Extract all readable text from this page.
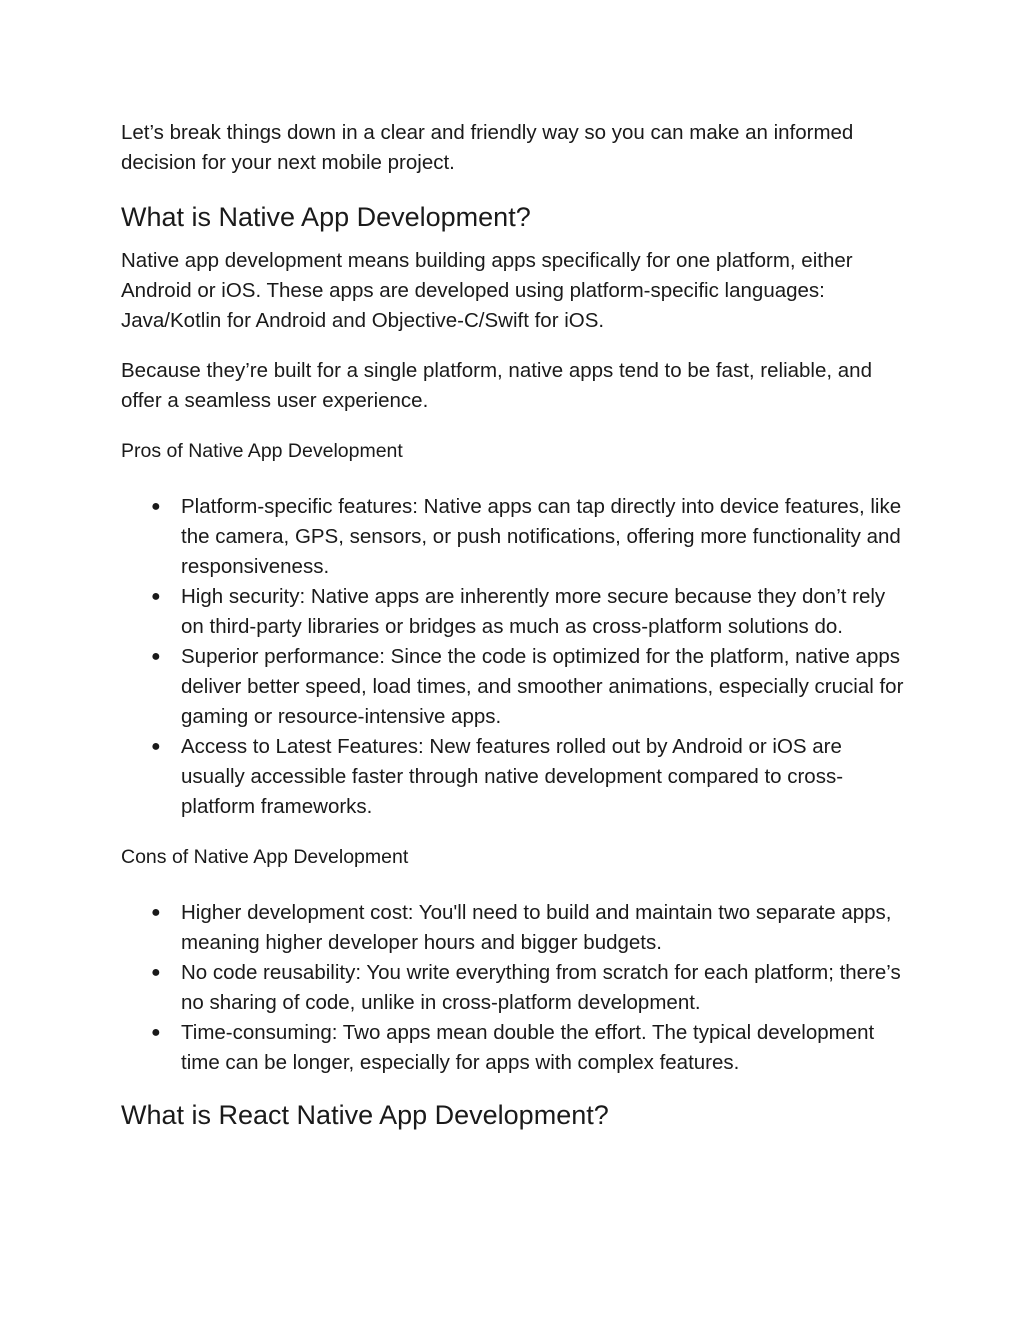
Let’s break things down in a clear and friendly way so you can make an informed decision for your next mobile project.

What is Native App Development?

Native app development means building apps specifically for one platform, either Android or iOS. These apps are developed using platform-specific languages: Java/Kotlin for Android and Objective-C/Swift for iOS.

Because they’re built for a single platform, native apps tend to be fast, reliable, and offer a seamless user experience.

Pros of Native App Development

● Platform-specific features: Native apps can tap directly into device features, like the camera, GPS, sensors, or push notifications, offering more functionality and responsiveness.
● High security: Native apps are inherently more secure because they don’t rely on third-party libraries or bridges as much as cross-platform solutions do.
● Superior performance: Since the code is optimized for the platform, native apps deliver better speed, load times, and smoother animations, especially crucial for gaming or resource-intensive apps.
● Access to Latest Features: New features rolled out by Android or iOS are usually accessible faster through native development compared to cross-platform frameworks.

Cons of Native App Development

● Higher development cost: You'll need to build and maintain two separate apps, meaning higher developer hours and bigger budgets.
● No code reusability: You write everything from scratch for each platform; there’s no sharing of code, unlike in cross-platform development.
● Time-consuming: Two apps mean double the effort. The typical development time can be longer, especially for apps with complex features.
What is React Native App Development?
